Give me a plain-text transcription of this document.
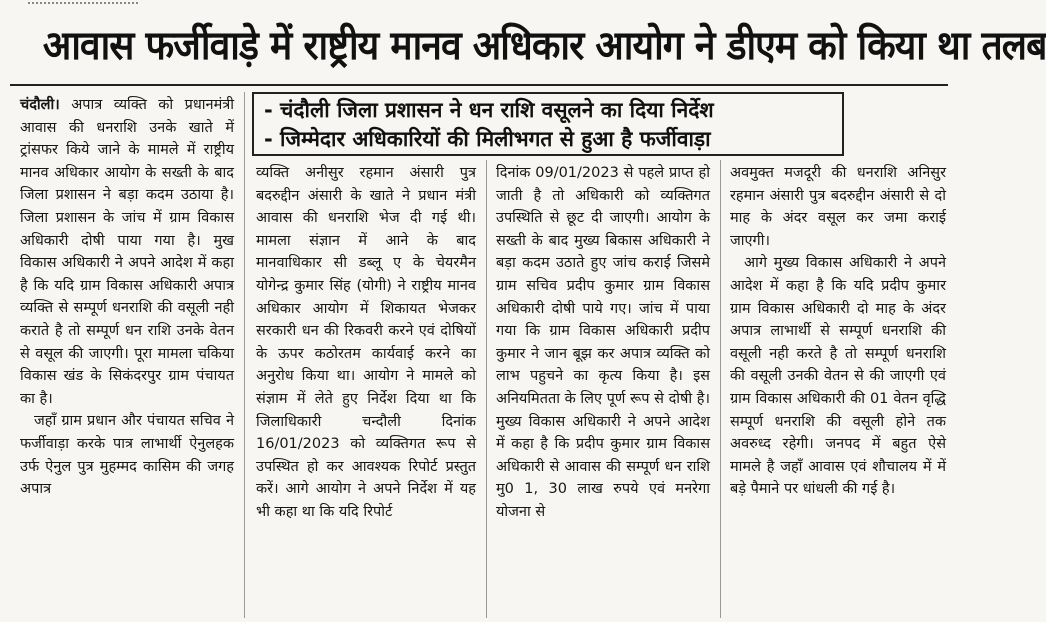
आवास फर्जीवाड़े में राष्ट्रीय मानव अधिकार आयोग ने डीएम को किया था तलब

चंदौली। अपात्र व्यक्ति को प्रधानमंत्री आवास की धनराशि उनके खाते में ट्रांसफर किये जाने के मामले में राष्ट्रीय मानव अधिकार आयोग के सख्ती के बाद जिला प्रशासन ने बड़ा कदम उठाया है। जिला प्रशासन के जांच में ग्राम विकास अधिकारी दोषी पाया गया है। मुख विकास अधिकारी ने अपने आदेश में कहा है कि यदि ग्राम विकास अधिकारी अपात्र व्यक्ति से सम्पूर्ण धनराशि की वसूली नही कराते है तो सम्पूर्ण धन राशि उनके वेतन से वसूल की जाएगी। पूरा मामला चकिया विकास खंड के सिकंदरपुर ग्राम पंचायत का है।

जहाँ ग्राम प्रधान और पंचायत सचिव ने फर्जीवाड़ा करके पात्र लाभार्थी ऐनुलहक उर्फ ऐनुल पुत्र मुहम्मद कासिम की जगह अपात्र

- चंदौली जिला प्रशासन ने धन राशि वसूलने का दिया निर्देश
- जिम्मेदार अधिकारियों की मिलीभगत से हुआ है फर्जीवाड़ा

व्यक्ति अनीसुर रहमान अंसारी पुत्र बदरुद्दीन अंसारी के खाते ने प्रधान मंत्री आवास की धनराशि भेज दी गई थी। मामला संज्ञान में आने के बाद मानवाधिकार सी डब्लू ए के चेयरमैन योगेन्द्र कुमार सिंह (योगी) ने राष्ट्रीय मानव अधिकार आयोग में शिकायत भेजकर सरकारी धन की रिकवरी करने एवं दोषियों के ऊपर कठोरतम कार्यवाई करने का अनुरोध किया था। आयोग ने मामले को संज्ञाम में लेते हुए निर्देश दिया था कि जिलाधिकारी चन्दौली दिनांक 16/01/2023 को व्यक्तिगत रूप से उपस्थित हो कर आवश्यक रिपोर्ट प्रस्तुत करें। आगे आयोग ने अपने निर्देश में यह भी कहा था कि यदि रिपोर्ट

दिनांक 09/01/2023 से पहले प्राप्त हो जाती है तो अधिकारी को व्यक्तिगत उपस्थिति से छूट दी जाएगी। आयोग के सख्ती के बाद मुख्य बिकास अधिकारी ने बड़ा कदम उठाते हुए जांच कराई जिसमे ग्राम सचिव प्रदीप कुमार ग्राम विकास अधिकारी दोषी पाये गए। जांच में पाया गया कि ग्राम विकास अधिकारी प्रदीप कुमार ने जान बूझ कर अपात्र व्यक्ति को लाभ पहुचने का कृत्य किया है। इस अनियमितता के लिए पूर्ण रूप से दोषी है। मुख्य विकास अधिकारी ने अपने आदेश में कहा है कि प्रदीप कुमार ग्राम विकास अधिकारी से आवास की सम्पूर्ण धन राशि मु0 1, 30 लाख रुपये एवं मनरेगा योजना से

अवमुक्त मजदूरी की धनराशि अनिसुर रहमान अंसारी पुत्र बदरुद्दीन अंसारी से दो माह के अंदर वसूल कर जमा कराई जाएगी।

आगे मुख्य विकास अधिकारी ने अपने आदेश में कहा है कि यदि प्रदीप कुमार ग्राम विकास अधिकारी दो माह के अंदर अपात्र लाभार्थी से सम्पूर्ण धनराशि की वसूली नही करते है तो सम्पूर्ण धनराशि की वसूली उनकी वेतन से की जाएगी एवं ग्राम विकास अधिकारी की 01 वेतन वृद्धि सम्पूर्ण धनराशि की वसूली होने तक अवरुध्द रहेगी। जनपद में बहुत ऐसे मामले है जहाँ आवास एवं शौचालय में में बड़े पैमाने पर धांधली की गई है।
